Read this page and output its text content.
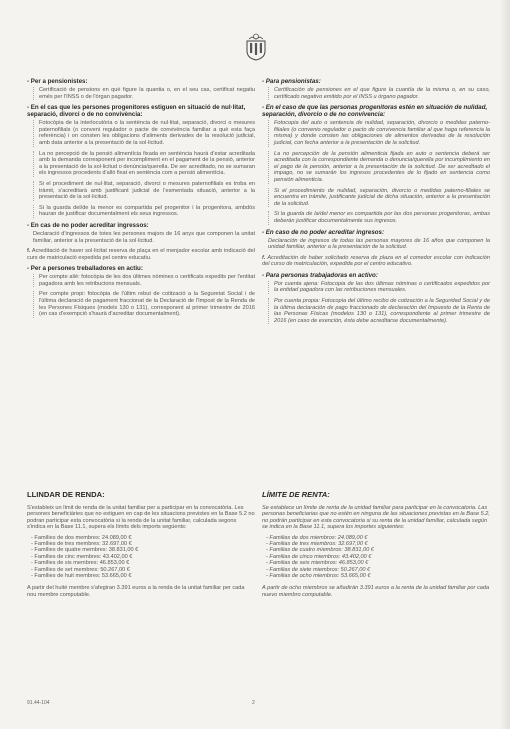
- Per a pensionistes:
Certificació de pensions en què figure la quantia o, en el seu cas, certificat negatiu emés per l'INSS o de l'òrgan pagador.
- En el cas que les persones progenitores estiguen en situació de nul·litat, separació, divorci o de no convivència:
Fotocòpia de la interlocutòria o la sentència de nul·litat, separació, divorci o mesures paternofilials (o conveni regulador o pacte de convivència familiar a què esta faça referència) i on consten les obligacions d'aliments derivades de la resolució judicial, amb data anterior a la presentació de la sol·licitud.
La no percepció de la pensió alimentícia fixada en sentència haurà d'estar acreditada amb la demanda corresponent per incompliment en el pagament de la pensió, anterior a la presentació de la sol·licitud o denúncia/querella. De ser acreditado, no se sumaran els ingressos procedents d'allò fixat en sentència com a pensió alimentícia.
Si el procediment de nul·litat, separació, divorci o mesures paternofilials es troba en tràmit, s'acreditarà amb justificant judicial de l'esmentada situació, anterior a la presentació de la sol·licitud.
Si la guarda del/de la menor es compartida pel progenitor i la progenitora, ambdós hauran de justificar documentalment els seus ingressos.
- En cas de no poder acreditar ingressos:
Declaració d'ingressos de totes les persones majors de 16 anys que componen la unitat familiar, anterior a la presentació de la sol·licitud.
f. Acreditació de haver sol·licitat reserva de plaça en el menjador escolar amb indicació del curs de matriculació expedida pel centre educatiu.
- Per a persones treballadores en actiu:
Per compte aliè: fotocòpia de les dos últimes nòmines o certificats expedits per l'entitat pagadora amb les retribucions mensuals.
Per compte propi: fotocòpia de l'últim rebut de cotització a la Seguretat Social i de l'última declaració de pagament fraccionat de la Declaració de l'Impost de la Renda de les Persones Físiques (models 130 o 131), corresponent al primer trimestre de 2016 (en cas d'exempció s'haurà d'acreditar documentalment).
- Para pensionistas:
Certificación de pensiones en el que figure la cuantía de la misma o, en su caso, certificado negativo emitido por el INSS u órgano pagador.
- En el caso de que las personas progenitoras estén en situación de nulidad, separación, divorcio o de no convivencia:
Fotocopia del auto o sentencia de nulidad, separación, divorcio o medidas paterno-filiales (o convenio regulador o pacto de convivencia familiar al que haga referencia la misma) y donde consten las obligaciones de alimentos derivadas de la resolución judicial, con fecha anterior a la presentación de la solicitud.
La no percepción de la pensión alimenticia fijada en auto o sentencia deberá ser acreditada con la correspondiente demanda o denuncia/querella por incumplimiento en el pago de la pensión, anterior a la presentación de la solicitud. De ser acreditado el impago, no se sumarán los ingresos procedentes de lo fijado en sentencia como pensión alimenticia.
Si el procedimiento de nulidad, separación, divorcio o medidas paterno-filiales se encuentra en trámite, justificante judicial de dicha situación, anterior a la presentación de la solicitud.
Si la guarda de la/del menor es compartida por las dos personas progenitoras, ambas deberán justificar documentalmente sus ingresos.
- En caso de no poder acreditar ingresos:
Declaración de ingresos de todas las personas mayores de 16 años que componen la unidad familiar, anterior a la presentación de la solicitud.
f. Acreditación de haber solicitado reserva de plaza en el comedor escolar con indicación del curso de matriculación, expedida por el centro educativo.
- Para personas trabajadoras en activo:
Por cuenta ajena: Fotocopia de las dos últimas nóminas o certificados expedidos por la entidad pagadora con las retribuciones mensuales.
Por cuenta propia: Fotocopia del último recibo de cotización a la Seguridad Social y de la última declaración de pago fraccionado de declaración del Impuesto de la Renta de las Personas Físicas (modelos 130 o 131), correspondiente al primer trimestre de 2016 (en caso de exención, ésta debe acreditarse documentalmente).
LLINDAR DE RENDA:
S'estableix un límit de renda de la unitat familiar per a participar en la convocatòria. Les persones beneficiàries que no estiguen en cap de les situacions previstes en la Base 5.2 no podran participar esta convocatòria si la renda de la unitat familiar, calculada segons s'indica en la Base 11.1, supera els límits dels imports següents:
- Famílies de dos membres: 24.089,00 €
- Famílies de tres membres: 32.697,00 €
- Famílies de quatre membres: 38.831,00 €
- Famílies de cinc membres: 43.402,00 €
- Famílies de sis membres: 46.853,00 €
- Famílies de set membres: 50.267,00 €
- Famílies de huit membres: 53.665,00 €
A partir del huité membre s'afegiran 3.391 euros a la renda de la unitat familiar per cada nou membre computable.
LÍMITE DE RENTA:
Se establece un límite de renta de la unidad familiar para participar en la convocatoria. Las personas beneficiarias que no estén en ninguna de las situaciones previstas en la Base 5.2, no podrán participar en esta convocatoria si su renta de la unidad familiar, calculada según se indica en la Base 11.1, supera los importes siguientes:
- Familias de dos miembros: 24.089,00 €
- Familias de tres miembros: 32.697,00 €
- Familias de cuatro miembros: 38.831,00 €
- Familias de cinco miembros: 43.402,00 €
- Familias de seis miembros: 46.853,00 €
- Familias de siete miembros: 50.267,00 €
- Familias de ocho miembros: 53.665,00 €
A partir de ocho miembros se añadirán 3.391 euros a la renta de la unidad familiar por cada nuevo miembro computable.
91.44-104	2
